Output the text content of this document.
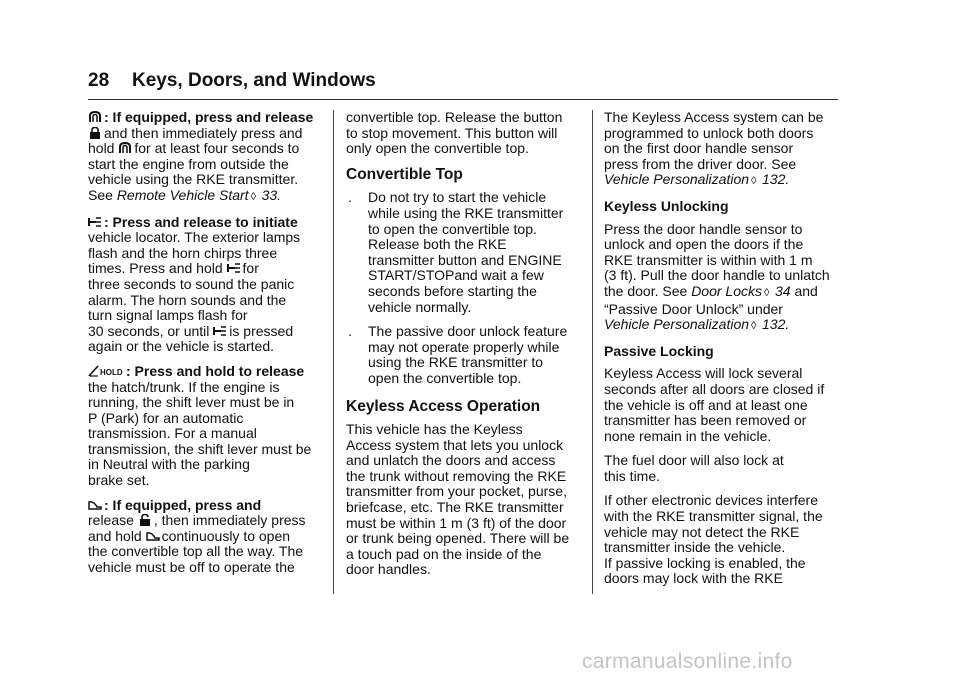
28 Keys, Doors, and Windows
: If equipped, press and release
and then immediately press and
hold for at least four seconds to
start the engine from outside the
vehicle using the RKE transmitter.
See Remote Vehicle Start ◊ 33.
: Press and release to initiate
vehicle locator. The exterior lamps
flash and the horn chirps three
times. Press and hold for
three seconds to sound the panic
alarm. The horn sounds and the
turn signal lamps flash for
30 seconds, or until is pressed
again or the vehicle is started.
HOLD : Press and hold to release
the hatch/trunk. If the engine is
running, the shift lever must be in
P (Park) for an automatic
transmission. For a manual
transmission, the shift lever must be
in Neutral with the parking
brake set.
: If equipped, press and
release , then immediately press
and hold continuously to open
the convertible top all the way. The
vehicle must be off to operate the
convertible top. Release the button
to stop movement. This button will
only open the convertible top.
Convertible Top
. Do not try to start the vehicle
while using the RKE transmitter
to open the convertible top.
Release both the RKE
transmitter button and ENGINE
START/STOPand wait a few
seconds before starting the
vehicle normally.
. The passive door unlock feature
may not operate properly while
using the RKE transmitter to
open the convertible top.
Keyless Access Operation
This vehicle has the Keyless
Access system that lets you unlock
and unlatch the doors and access
the trunk without removing the RKE
transmitter from your pocket, purse,
briefcase, etc. The RKE transmitter
must be within 1 m (3 ft) of the door
or trunk being opened. There will be
a touch pad on the inside of the
door handles.
The Keyless Access system can be
programmed to unlock both doors
on the first door handle sensor
press from the driver door. See
Vehicle Personalization ◊ 132.
Keyless Unlocking
Press the door handle sensor to
unlock and open the doors if the
RKE transmitter is within with 1 m
(3 ft). Pull the door handle to unlatch
the door. See Door Locks ◊ 34 and
“Passive Door Unlock” under
Vehicle Personalization ◊ 132.
Passive Locking
Keyless Access will lock several
seconds after all doors are closed if
the vehicle is off and at least one
transmitter has been removed or
none remain in the vehicle.
The fuel door will also lock at
this time.
If other electronic devices interfere
with the RKE transmitter signal, the
vehicle may not detect the RKE
transmitter inside the vehicle.
If passive locking is enabled, the
doors may lock with the RKE
carmanualsonline.info
